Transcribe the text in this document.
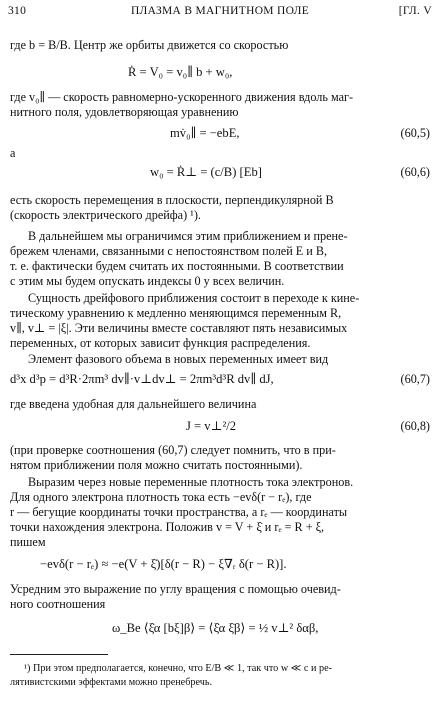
310	ПЛАЗМА В МАГНИТНОМ ПОЛЕ	[ГЛ. V
где b = B/B. Центр же орбиты движется со скоростью
Ṙ = V₀ = v₀∥ b + w₀,
где v₀∥ — скорость равномерно-ускоренного движения вдоль маг-
нитного поля, удовлетворяющая уравнению
mv̇₀∥ = −ebE,	(60,5)
а
w₀ = Ṙ⊥ = (c/B) [Eb]	(60,6)
есть скорость перемещения в плоскости, перпендикулярной B
(скорость электрического дрейфа) ¹).
В дальнейшем мы ограничимся этим приближением и прене-
брежем членами, связанными с непостоянством полей E и B,
т. е. фактически будем считать их постоянными. В соответствии
с этим мы будем опускать индексы 0 у всех величин.
Сущность дрейфового приближения состоит в переходе к кине-
тическому уравнению к медленно меняющимся переменным R,
v∥, v⊥ = |ξ|. Эти величины вместе составляют пять независимых
переменных, от которых зависит функция распределения.
Элемент фазового объема в новых переменных имеет вид
d³x d³p = d³R·2πm³ dv∥·v⊥dv⊥ = 2πm³d³R dv∥ dJ,	(60,7)
где введена удобная для дальнейшего величина
J = v⊥²/2	(60,8)
(при проверке соотношения (60,7) следует помнить, что в при-
нятом приближении поля можно считать постоянными).
Выразим через новые переменные плотность тока электронов.
Для одного электрона плотность тока есть −evδ(r − rₑ), где
r — бегущие координаты точки пространства, а rₑ — координаты
точки нахождения электрона. Положив v = V + ξ̇ и rₑ = R + ξ,
пишем
−evδ(r − rₑ) ≈ −e(V + ξ̇)[δ(r − R) − ξ∇ᵣ δ(r − R)].
Усредним это выражение по углу вращения с помощью очевид-
ного соотношения
ω_Be ⟨ξ̇α [bξ]β⟩ = ⟨ξ̇α ξ̇β⟩ = ½ v⊥² δαβ,
¹) При этом предполагается, конечно, что E/B ≪ 1, так что w ≪ c и ре-
лятивистскими эффектами можно пренебречь.
